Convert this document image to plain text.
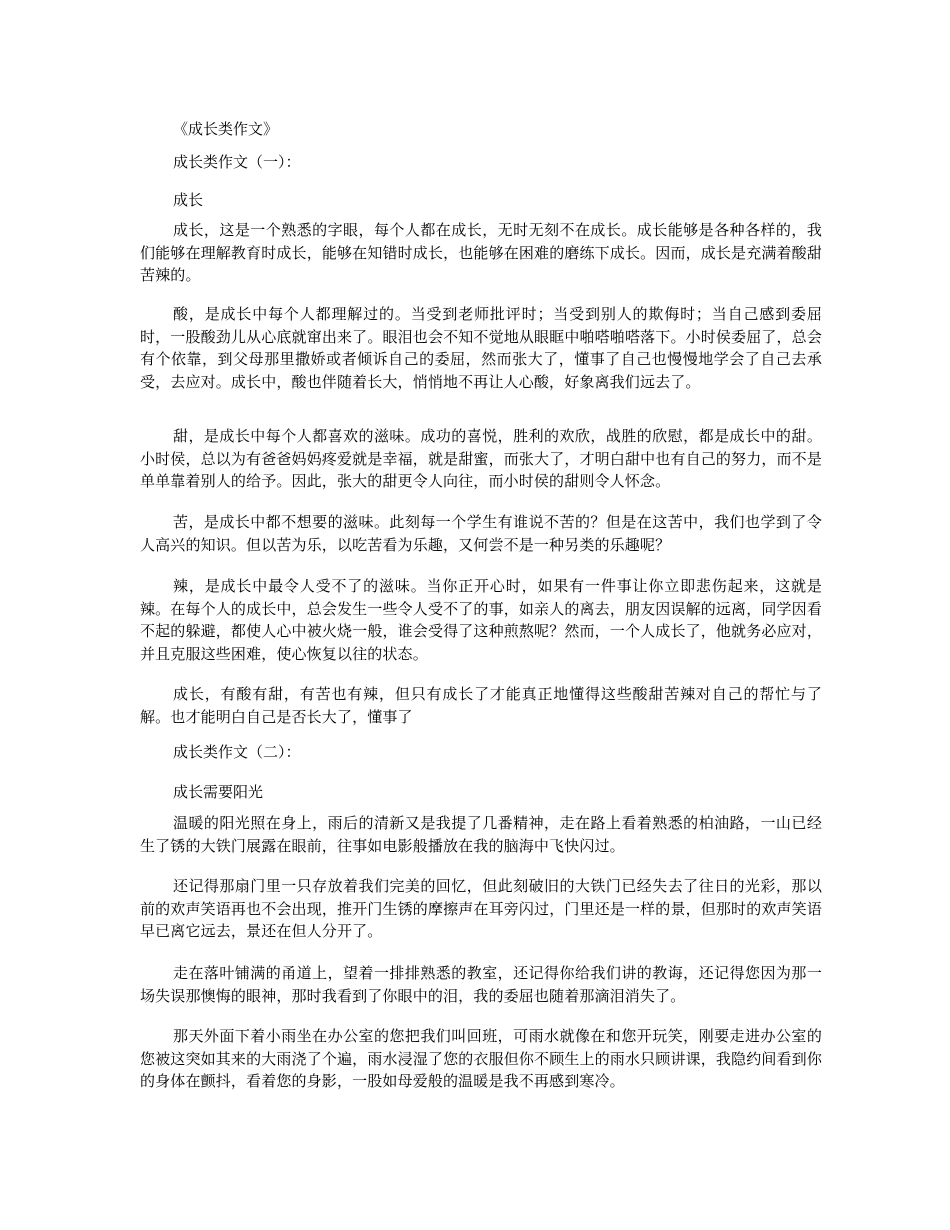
《成长类作文》
成长类作文（一）：
成长

成长，这是一个熟悉的字眼，每个人都在成长，无时无刻不在成长。成长能够是各种各样的，我们能够在理解教育时成长，能够在知错时成长，也能够在困难的磨练下成长。因而，成长是充满着酸甜苦辣的。

酸，是成长中每个人都理解过的。当受到老师批评时；当受到别人的欺侮时；当自己感到委屈时，一股酸劲儿从心底就窜出来了。眼泪也会不知不觉地从眼眶中啪嗒啪嗒落下。小时侯委屈了，总会有个依靠，到父母那里撒娇或者倾诉自己的委屈，然而张大了，懂事了自己也慢慢地学会了自己去承受，去应对。成长中，酸也伴随着长大，悄悄地不再让人心酸，好象离我们远去了。

甜，是成长中每个人都喜欢的滋味。成功的喜悦，胜利的欢欣，战胜的欣慰，都是成长中的甜。小时侯，总以为有爸爸妈妈疼爱就是幸福，就是甜蜜，而张大了，才明白甜中也有自己的努力，而不是单单靠着别人的给予。因此，张大的甜更令人向往，而小时侯的甜则令人怀念。

苦，是成长中都不想要的滋味。此刻每一个学生有谁说不苦的？但是在这苦中，我们也学到了令人高兴的知识。但以苦为乐，以吃苦看为乐趣，又何尝不是一种另类的乐趣呢？

辣，是成长中最令人受不了的滋味。当你正开心时，如果有一件事让你立即悲伤起来，这就是辣。在每个人的成长中，总会发生一些令人受不了的事，如亲人的离去，朋友因误解的远离，同学因看不起的躲避，都使人心中被火烧一般，谁会受得了这种煎熬呢？然而，一个人成长了，他就务必应对，并且克服这些困难，使心恢复以往的状态。

成长，有酸有甜，有苦也有辣，但只有成长了才能真正地懂得这些酸甜苦辣对自己的帮忙与了解。也才能明白自己是否长大了，懂事了

成长类作文（二）：
成长需要阳光

温暖的阳光照在身上，雨后的清新又是我提了几番精神，走在路上看着熟悉的柏油路，一山已经生了锈的大铁门展露在眼前，往事如电影般播放在我的脑海中飞快闪过。

还记得那扇门里一只存放着我们完美的回忆，但此刻破旧的大铁门已经失去了往日的光彩，那以前的欢声笑语再也不会出现，推开门生锈的摩擦声在耳旁闪过，门里还是一样的景，但那时的欢声笑语早已离它远去，景还在但人分开了。

走在落叶铺满的甬道上，望着一排排熟悉的教室，还记得你给我们讲的教诲，还记得您因为那一场失误那懊悔的眼神，那时我看到了你眼中的泪，我的委屈也随着那滴泪消失了。

那天外面下着小雨坐在办公室的您把我们叫回班，可雨水就像在和您开玩笑，刚要走进办公室的您被这突如其来的大雨浇了个遍，雨水浸湿了您的衣服但你不顾生上的雨水只顾讲课，我隐约间看到你的身体在颤抖，看着您的身影，一股如母爱般的温暖是我不再感到寒冷。
